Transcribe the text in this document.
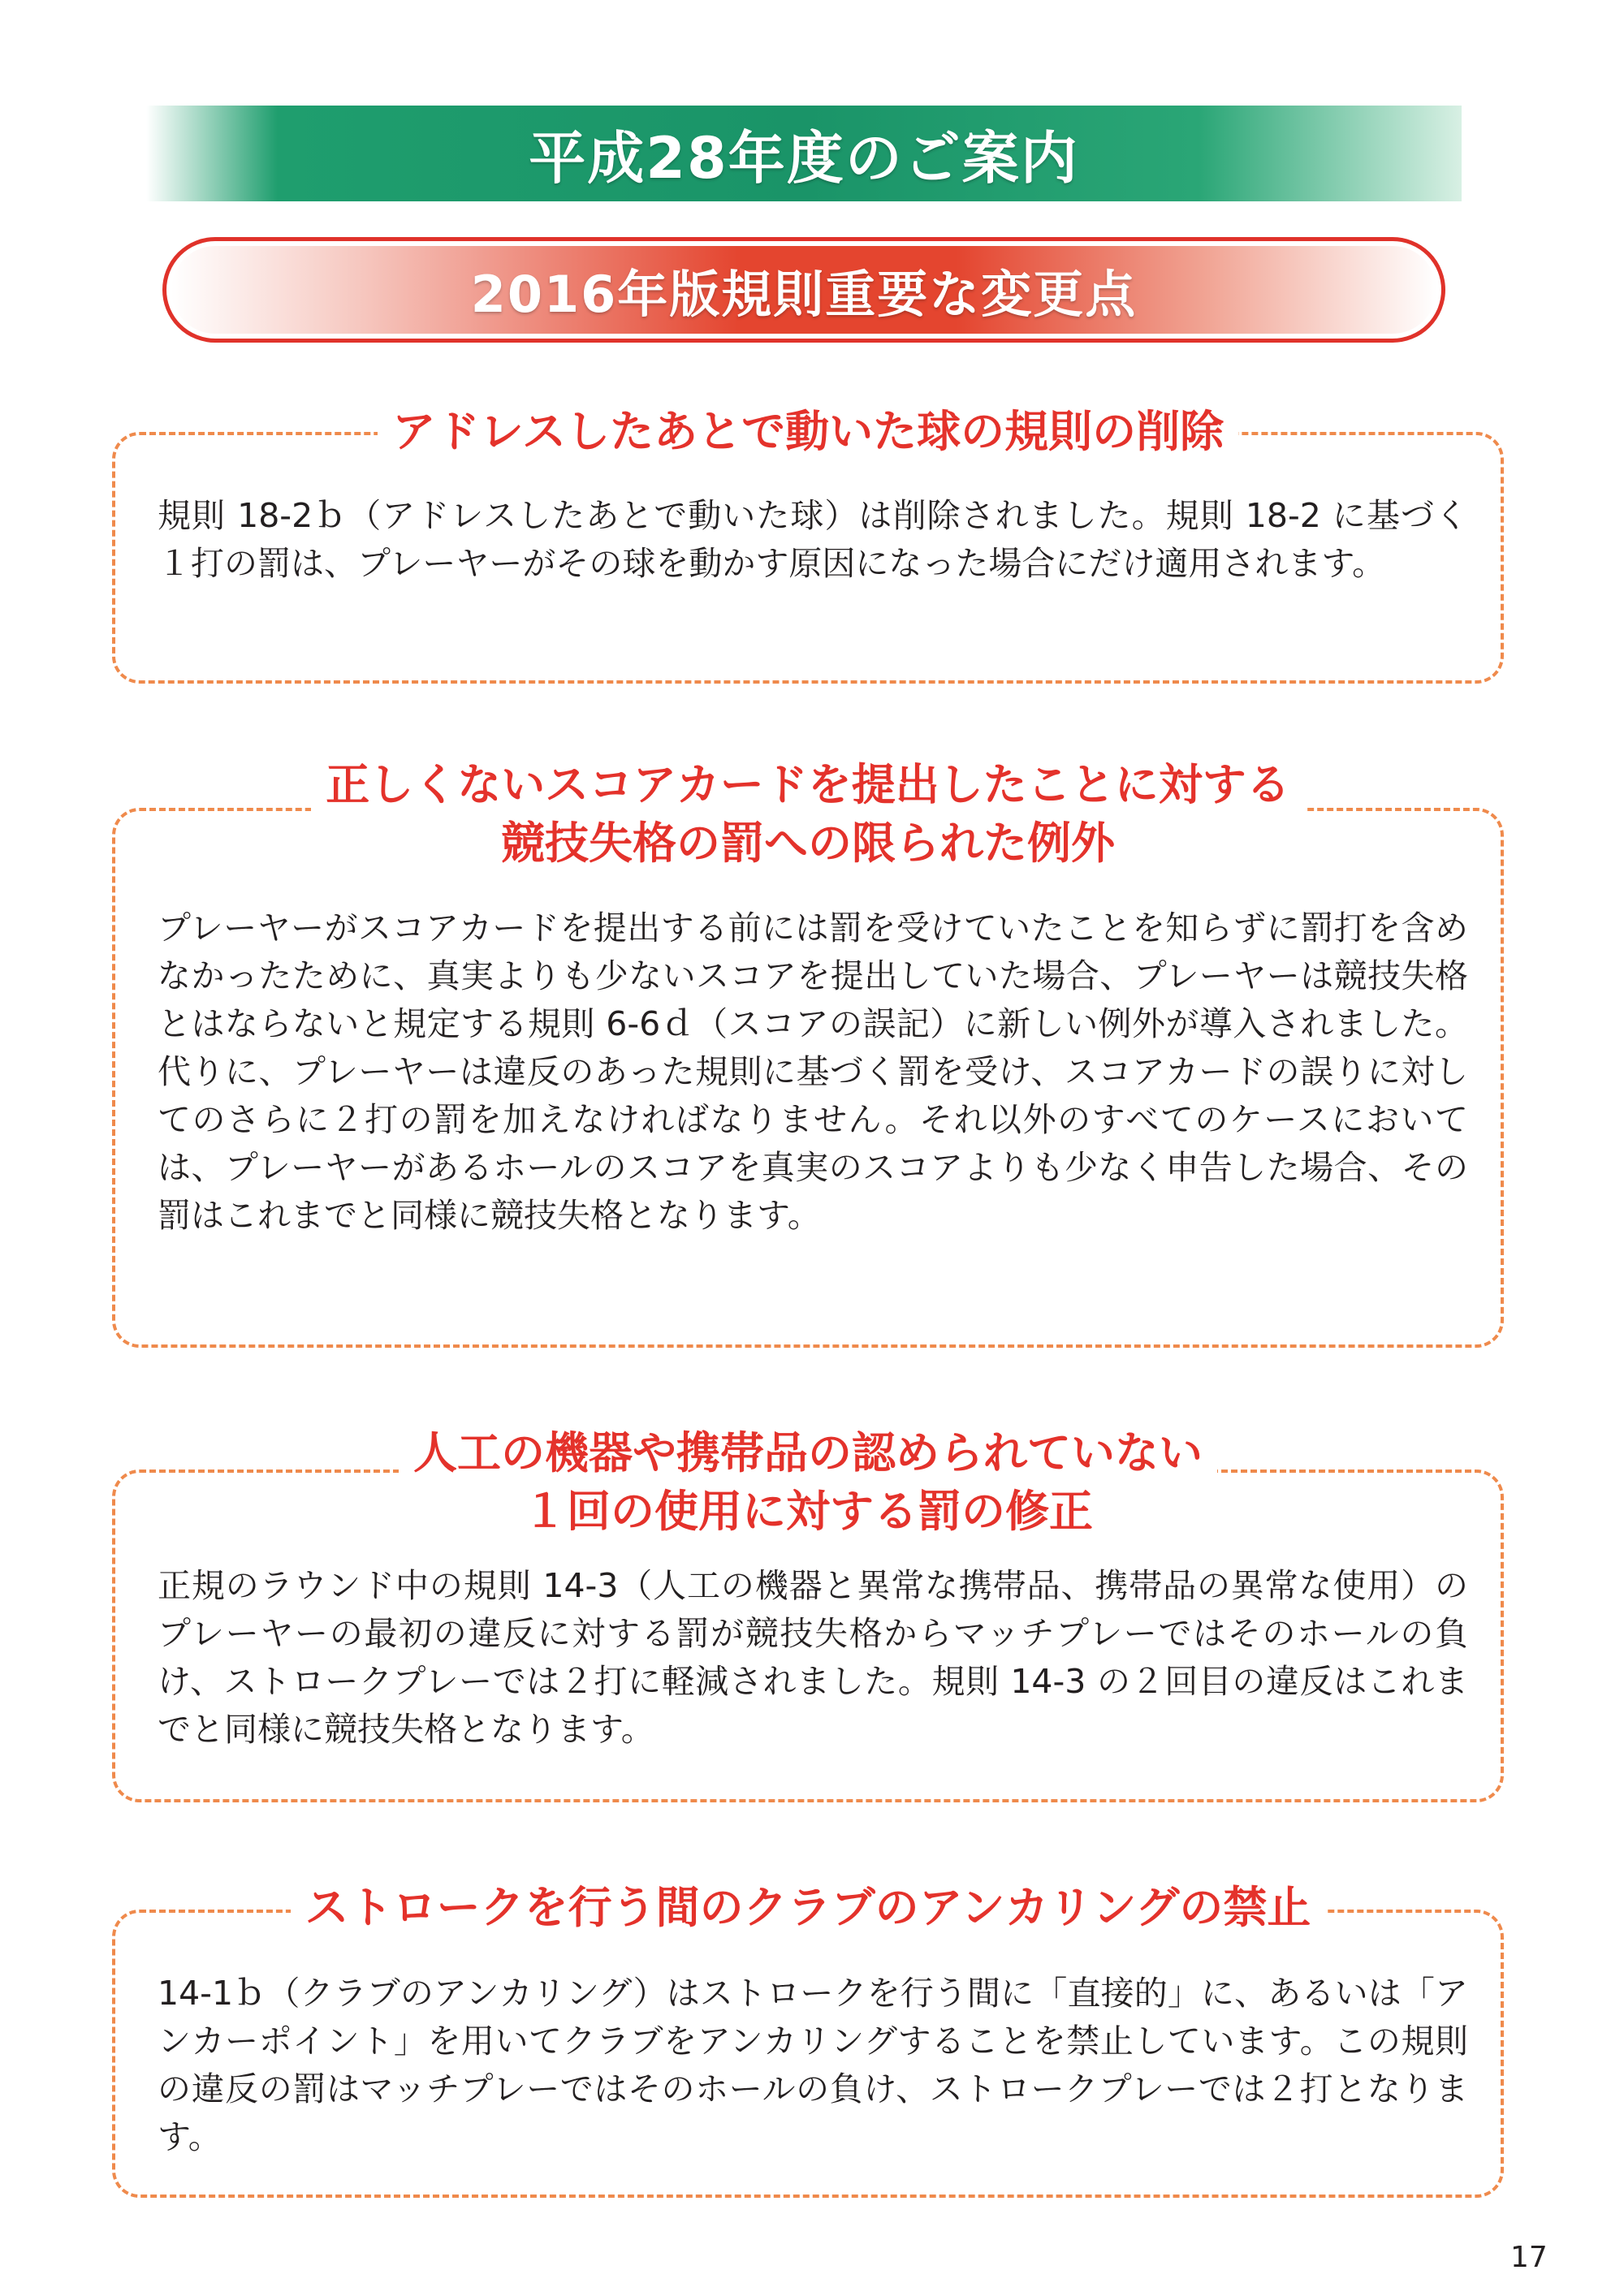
平成28年度のご案内
2016年版規則重要な変更点
アドレスしたあとで動いた球の規則の削除
規則 18-2ｂ（アドレスしたあとで動いた球）は削除されました。規則 18-2 に基づく１打の罰は、プレーヤーがその球を動かす原因になった場合にだけ適用されます。
正しくないスコアカードを提出したことに対する
競技失格の罰への限られた例外
プレーヤーがスコアカードを提出する前には罰を受けていたことを知らずに罰打を含めなかったために、真実よりも少ないスコアを提出していた場合、プレーヤーは競技失格とはならないと規定する規則 6-6ｄ（スコアの誤記）に新しい例外が導入されました。代りに、プレーヤーは違反のあった規則に基づく罰を受け、スコアカードの誤りに対してのさらに２打の罰を加えなければなりません。それ以外のすべてのケースにおいては、プレーヤーがあるホールのスコアを真実のスコアよりも少なく申告した場合、その罰はこれまでと同様に競技失格となります。
人工の機器や携帯品の認められていない
１回の使用に対する罰の修正
正規のラウンド中の規則 14-3（人工の機器と異常な携帯品、携帯品の異常な使用）のプレーヤーの最初の違反に対する罰が競技失格からマッチプレーではそのホールの負け、ストロークプレーでは２打に軽減されました。規則 14-3 の２回目の違反はこれまでと同様に競技失格となります。
ストロークを行う間のクラブのアンカリングの禁止
14-1ｂ（クラブのアンカリング）はストロークを行う間に「直接的」に、あるいは「アンカーポイント」を用いてクラブをアンカリングすることを禁止しています。この規則の違反の罰はマッチプレーではそのホールの負け、ストロークプレーでは２打となります。
17
